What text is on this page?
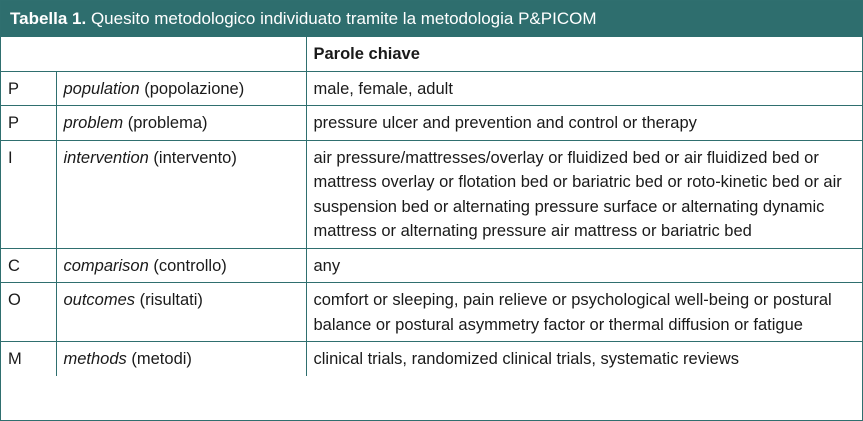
Tabella 1. Quesito metodologico individuato tramite la metodologia P&PICOM
		Parole chiave
P	population (popolazione)	male, female, adult
P	problem (problema)	pressure ulcer and prevention and control or therapy
I	intervention (intervento)	air pressure/mattresses/overlay or fluidized bed or air fluidized bed or mattress overlay or flotation bed or bariatric bed or roto-kinetic bed or air suspension bed or alternating pressure surface or alternating dynamic mattress or alternating pressure air mattress or bariatric bed
C	comparison (controllo)	any
O	outcomes (risultati)	comfort or sleeping, pain relieve or psychological well-being or postural balance or postural asymmetry factor or thermal diffusion or fatigue
M	methods (metodi)	clinical trials, randomized clinical trials, systematic reviews
